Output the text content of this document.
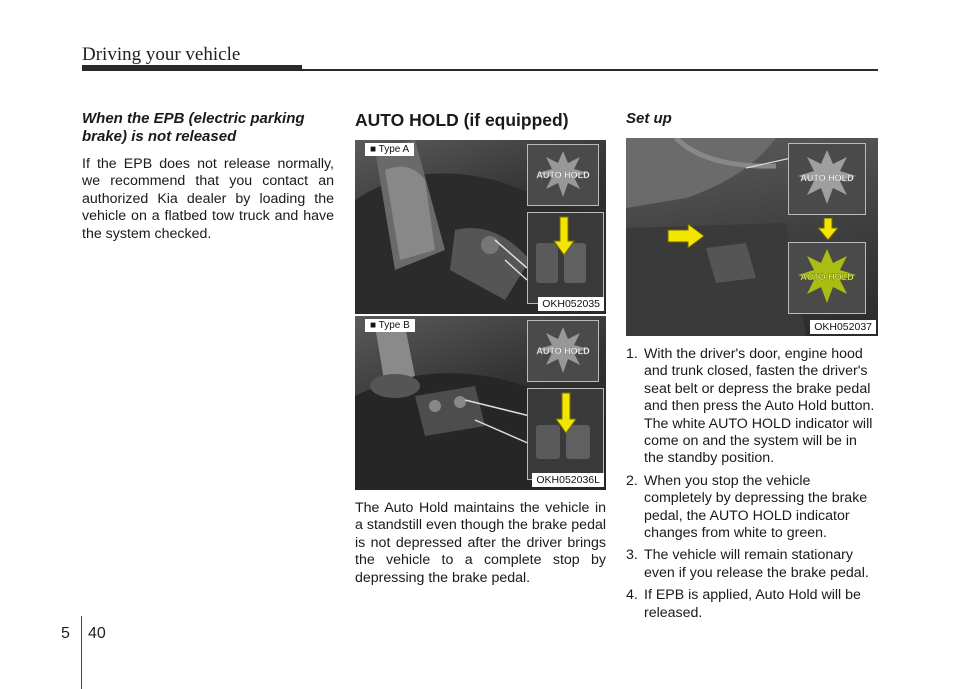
Driving your vehicle
When the EPB (electric parking brake) is not released

If the EPB does not release normally, we recommend that you contact an authorized Kia dealer by loading the vehicle on a flatbed tow truck and have the system checked.

AUTO HOLD (if equipped)
AUTO HOLD
■ Type A
OKH052035
AUTO HOLD
■ Type B
OKH052036L

The Auto Hold maintains the vehicle in a standstill even though the brake pedal is not depressed after the driver brings the vehicle to a complete stop by depressing the brake pedal.

Set up
AUTO HOLD
AUTO HOLD
OKH052037
1. With the driver's door, engine hood and trunk closed, fasten the driver's seat belt or depress the brake pedal and then press the Auto Hold button. The white AUTO HOLD indicator will come on and the system will be in the standby position.
2. When you stop the vehicle completely by depressing the brake pedal, the AUTO HOLD indicator changes from white to green.
3. The vehicle will remain stationary even if you release the brake pedal.
4. If EPB is applied, Auto Hold will be released.
5 40
